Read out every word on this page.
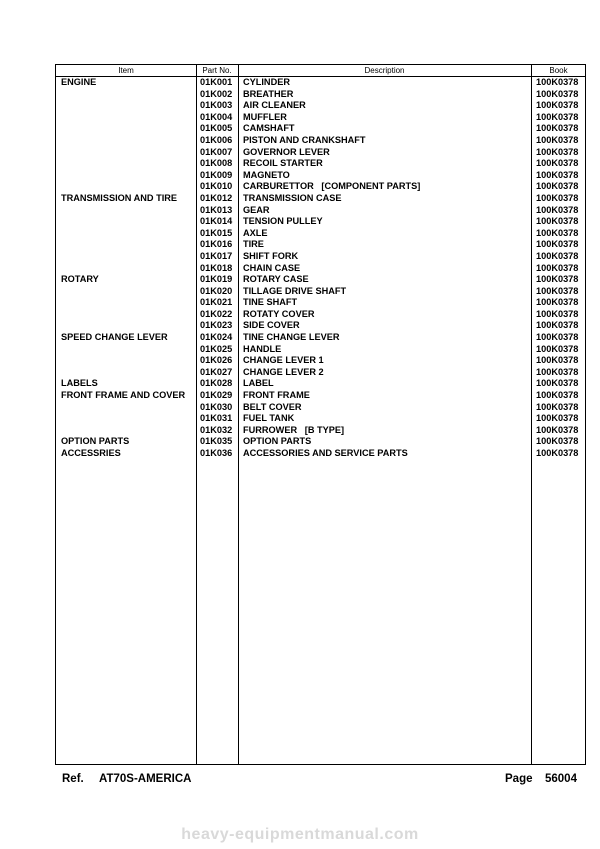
Item	Part No.	Description	Book
ENGINE	01K001 CYLINDER	100K0378
01K002 BREATHER	100K0378
01K003 AIR CLEANER	100K0378
01K004 MUFFLER	100K0378
01K005 CAMSHAFT	100K0378
01K006 PISTON AND CRANKSHAFT	100K0378
01K007 GOVERNOR LEVER	100K0378
01K008 RECOIL STARTER	100K0378
01K009 MAGNETO	100K0378
01K010 CARBURETTOR   [COMPONENT PARTS]	100K0378
TRANSMISSION AND TIRE	01K012 TRANSMISSION CASE	100K0378
01K013 GEAR	100K0378
01K014 TENSION PULLEY	100K0378
01K015 AXLE	100K0378
01K016 TIRE	100K0378
01K017 SHIFT FORK	100K0378
01K018 CHAIN CASE	100K0378
ROTARY	01K019 ROTARY CASE	100K0378
01K020 TILLAGE DRIVE SHAFT	100K0378
01K021 TINE SHAFT	100K0378
01K022 ROTATY COVER	100K0378
01K023 SIDE COVER	100K0378
SPEED CHANGE LEVER	01K024 TINE CHANGE LEVER	100K0378
01K025 HANDLE	100K0378
01K026 CHANGE LEVER 1	100K0378
01K027 CHANGE LEVER 2	100K0378
LABELS	01K028 LABEL	100K0378
FRONT FRAME AND COVER	01K029 FRONT FRAME	100K0378
01K030 BELT COVER	100K0378
01K031 FUEL TANK	100K0378
01K032 FURROWER   [B TYPE]	100K0378
OPTION PARTS	01K035 OPTION PARTS	100K0378
ACCESSRIES	01K036 ACCESSORIES AND SERVICE PARTS	100K0378
Ref. AT70S-AMERICA	Page 56004
heavy-equipmentmanual.com
